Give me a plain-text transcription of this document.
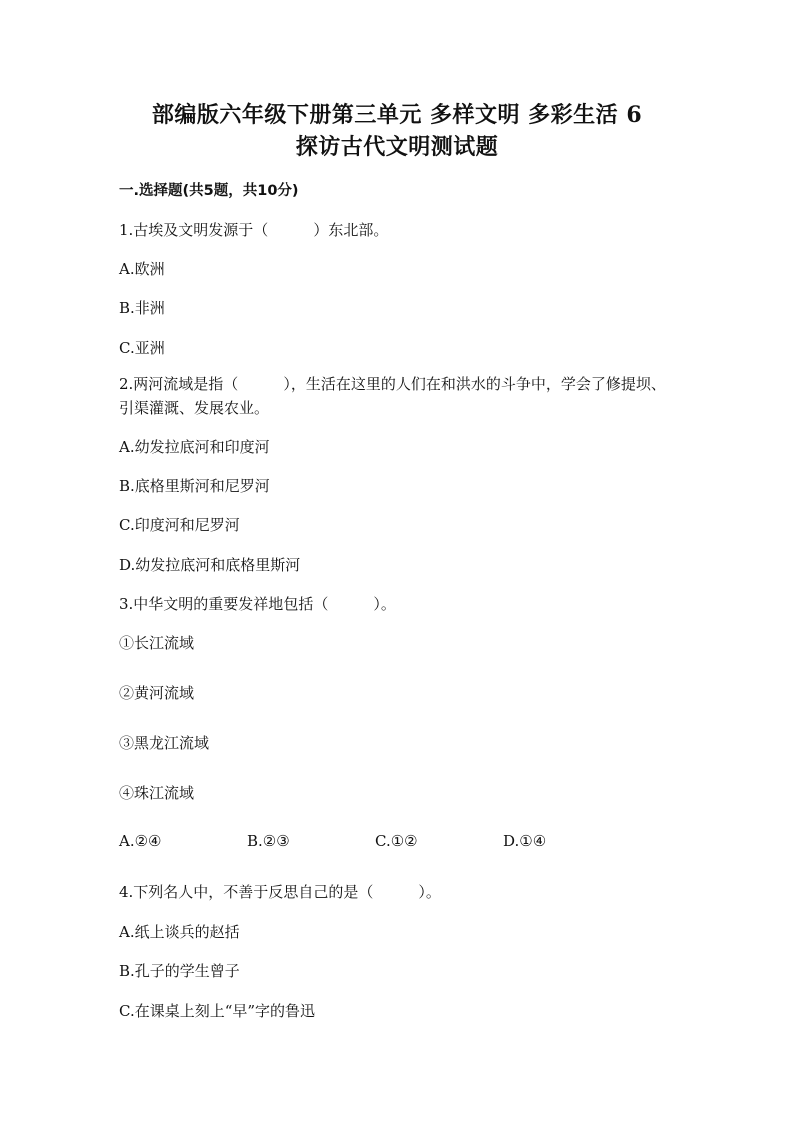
部编版六年级下册第三单元 多样文明 多彩生活 6
探访古代文明测试题
一.选择题(共5题，共10分)
1.古埃及文明发源于（　　　）东北部。
A.欧洲
B.非洲
C.亚洲
2.两河流域是指（　　　），生活在这里的人们在和洪水的斗争中，学会了修提坝、引渠灌溉、发展农业。
A.幼发拉底河和印度河
B.底格里斯河和尼罗河
C.印度河和尼罗河
D.幼发拉底河和底格里斯河
3.中华文明的重要发祥地包括（　　　）。
①长江流域
②黄河流域
③黑龙江流域
④珠江流域
A.②④	B.②③	C.①②	D.①④
4.下列名人中，不善于反思自己的是（　　　）。
A.纸上谈兵的赵括
B.孔子的学生曾子
C.在课桌上刻上“早”字的鲁迅
